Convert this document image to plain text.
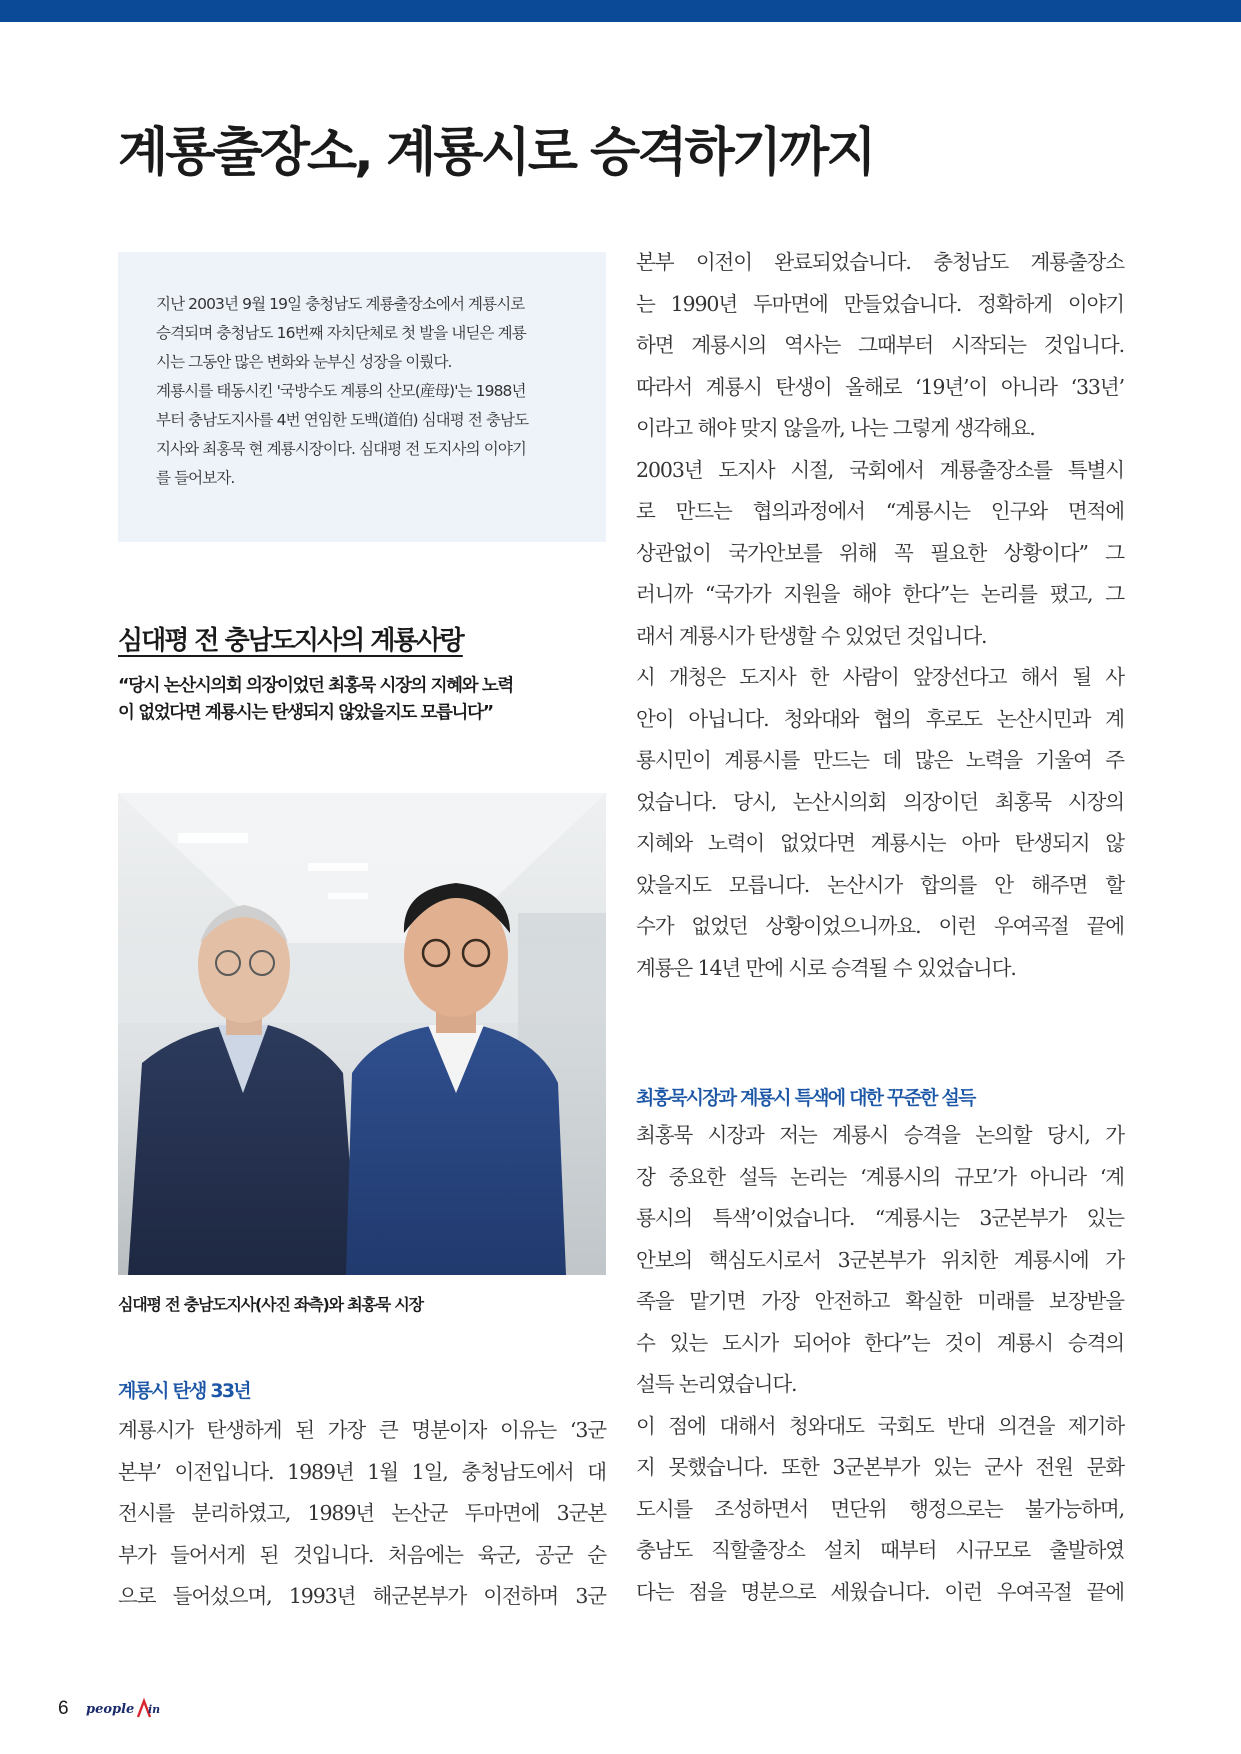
계룡출장소, 계룡시로 승격하기까지

지난 2003년 9월 19일 충청남도 계룡출장소에서 계룡시로

승격되며 충청남도 16번째 자치단체로 첫 발을 내딛은 계룡

시는 그동안 많은 변화와 눈부신 성장을 이뤘다.

계룡시를 태동시킨 '국방수도 계룡의 산모(産母)'는 1988년

부터 충남도지사를 4번 연임한 도백(道伯) 심대평 전 충남도

지사와 최홍묵 현 계룡시장이다. 심대평 전 도지사의 이야기

를 들어보자.

심대평 전 충남도지사의 계룡사랑
“당시 논산시의회 의장이었던 최홍묵 시장의 지혜와 노력
이 없었다면 계룡시는 탄생되지 않았을지도 모릅니다”
심대평 전 충남도지사(사진 좌측)와 최홍묵 시장
계룡시 탄생 33년
계룡시가 탄생하게 된 가장 큰 명분이자 이유는 ‘3군
본부’ 이전입니다. 1989년 1월 1일, 충청남도에서 대
전시를 분리하였고, 1989년 논산군 두마면에 3군본
부가 들어서게 된 것입니다. 처음에는 육군, 공군 순
으로 들어섰으며, 1993년 해군본부가 이전하며 3군
본부 이전이 완료되었습니다. 충청남도 계룡출장소
는 1990년 두마면에 만들었습니다. 정확하게 이야기
하면 계룡시의 역사는 그때부터 시작되는 것입니다.
따라서 계룡시 탄생이 올해로 ‘19년’이 아니라 ‘33년’
이라고 해야 맞지 않을까, 나는 그렇게 생각해요.
2003년 도지사 시절, 국회에서 계룡출장소를 특별시
로 만드는 협의과정에서 “계룡시는 인구와 면적에
상관없이 국가안보를 위해 꼭 필요한 상황이다” 그
러니까 “국가가 지원을 해야 한다”는 논리를 폈고, 그
래서 계룡시가 탄생할 수 있었던 것입니다.
시 개청은 도지사 한 사람이 앞장선다고 해서 될 사
안이 아닙니다. 청와대와 협의 후로도 논산시민과 계
룡시민이 계룡시를 만드는 데 많은 노력을 기울여 주
었습니다. 당시, 논산시의회 의장이던 최홍묵 시장의
지혜와 노력이 없었다면 계룡시는 아마 탄생되지 않
았을지도 모릅니다. 논산시가 합의를 안 해주면 할
수가 없었던 상황이었으니까요. 이런 우여곡절 끝에
계룡은 14년 만에 시로 승격될 수 있었습니다.
최홍묵시장과 계룡시 특색에 대한 꾸준한 설득
최홍묵 시장과 저는 계룡시 승격을 논의할 당시, 가
장 중요한 설득 논리는 ‘계룡시의 규모’가 아니라 ‘계
룡시의 특색’이었습니다. “계룡시는 3군본부가 있는
안보의 핵심도시로서 3군본부가 위치한 계룡시에 가
족을 맡기면 가장 안전하고 확실한 미래를 보장받을
수 있는 도시가 되어야 한다”는 것이 계룡시 승격의
설득 논리였습니다.
이 점에 대해서 청와대도 국회도 반대 의견을 제기하
지 못했습니다. 또한 3군본부가 있는 군사 전원 문화
도시를 조성하면서 면단위 행정으로는 불가능하며,
충남도 직할출장소 설치 때부터 시규모로 출발하였
다는 점을 명분으로 세웠습니다. 이런 우여곡절 끝에
6 people in
